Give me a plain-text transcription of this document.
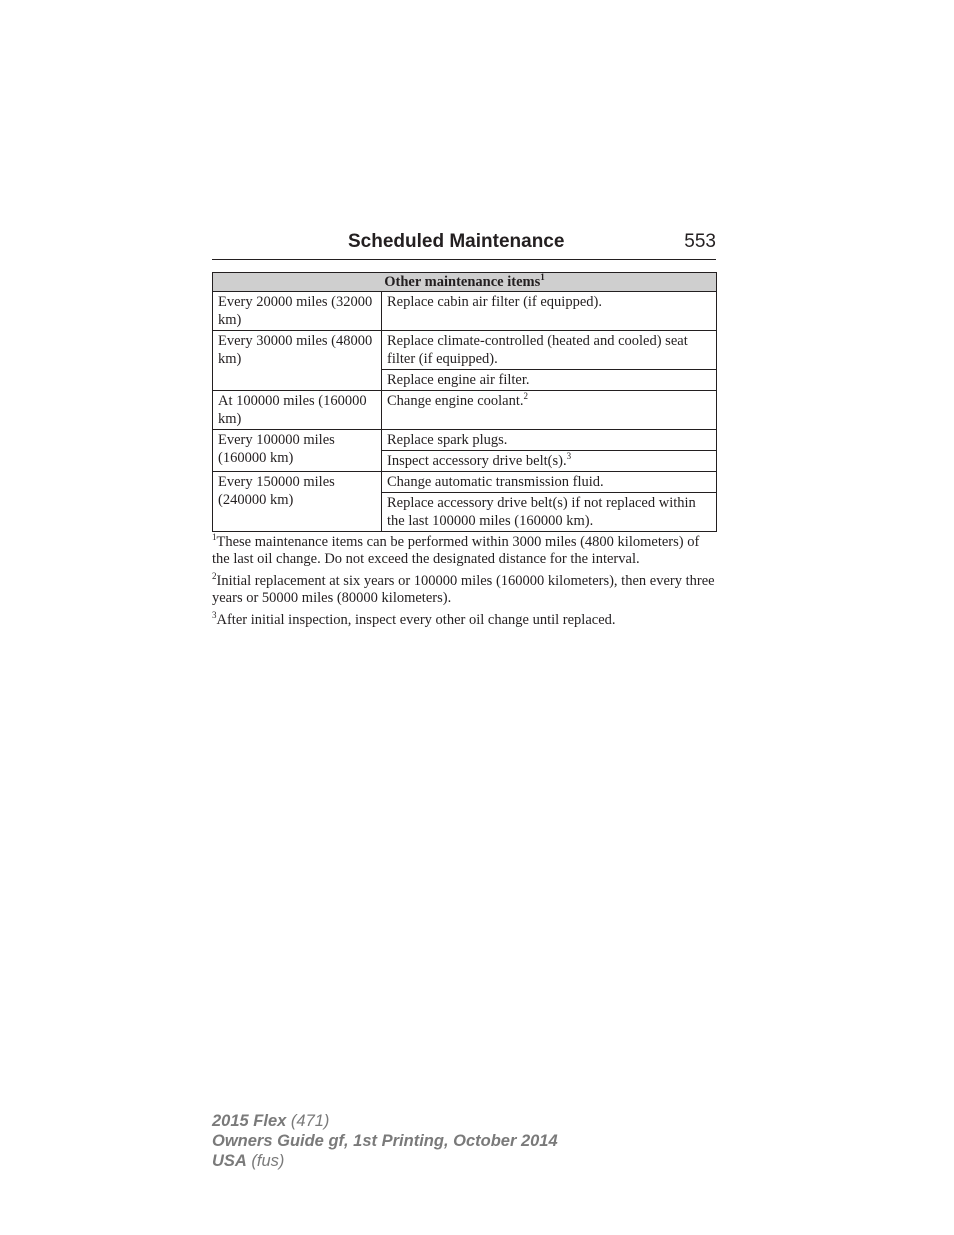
Scheduled Maintenance	553
Other maintenance items$^1$
Every 20000 miles (32000 km)	Replace cabin air filter (if equipped).
Every 30000 miles (48000 km)	Replace climate-controlled (heated and cooled) seat filter (if equipped).
	Replace engine air filter.
At 100000 miles (160000 km)	Change engine coolant.$^2$
Every 100000 miles (160000 km)	Replace spark plugs.
	Inspect accessory drive belt(s).$^3$
Every 150000 miles (240000 km)	Change automatic transmission fluid.
	Replace accessory drive belt(s) if not replaced within the last 100000 miles (160000 km).

$^1$These maintenance items can be performed within 3000 miles (4800 kilometers) of the last oil change. Do not exceed the designated distance for the interval.

$^2$Initial replacement at six years or 100000 miles (160000 kilometers), then every three years or 50000 miles (80000 kilometers).

$^3$After initial inspection, inspect every other oil change until replaced.

2015 Flex (471)
Owners Guide gf, 1st Printing, October 2014
USA (fus)
